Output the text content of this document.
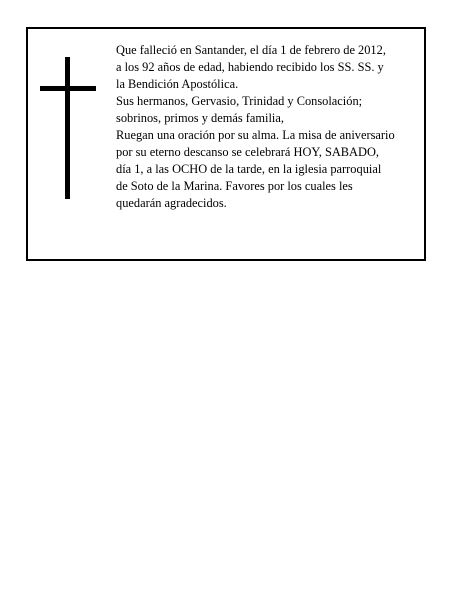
Que falleció en Santander, el día 1 de febrero de 2012,
a los 92 años de edad, habiendo recibido los SS. SS. y
la Bendición Apostólica.
Sus hermanos, Gervasio, Trinidad y Consolación;
sobrinos, primos y demás familia,
Ruegan una oración por su alma. La misa de aniversario
por su eterno descanso se celebrará HOY, SABADO,
día 1, a las OCHO de la tarde, en la iglesia parroquial
de Soto de la Marina. Favores por los cuales les
quedarán agradecidos.
